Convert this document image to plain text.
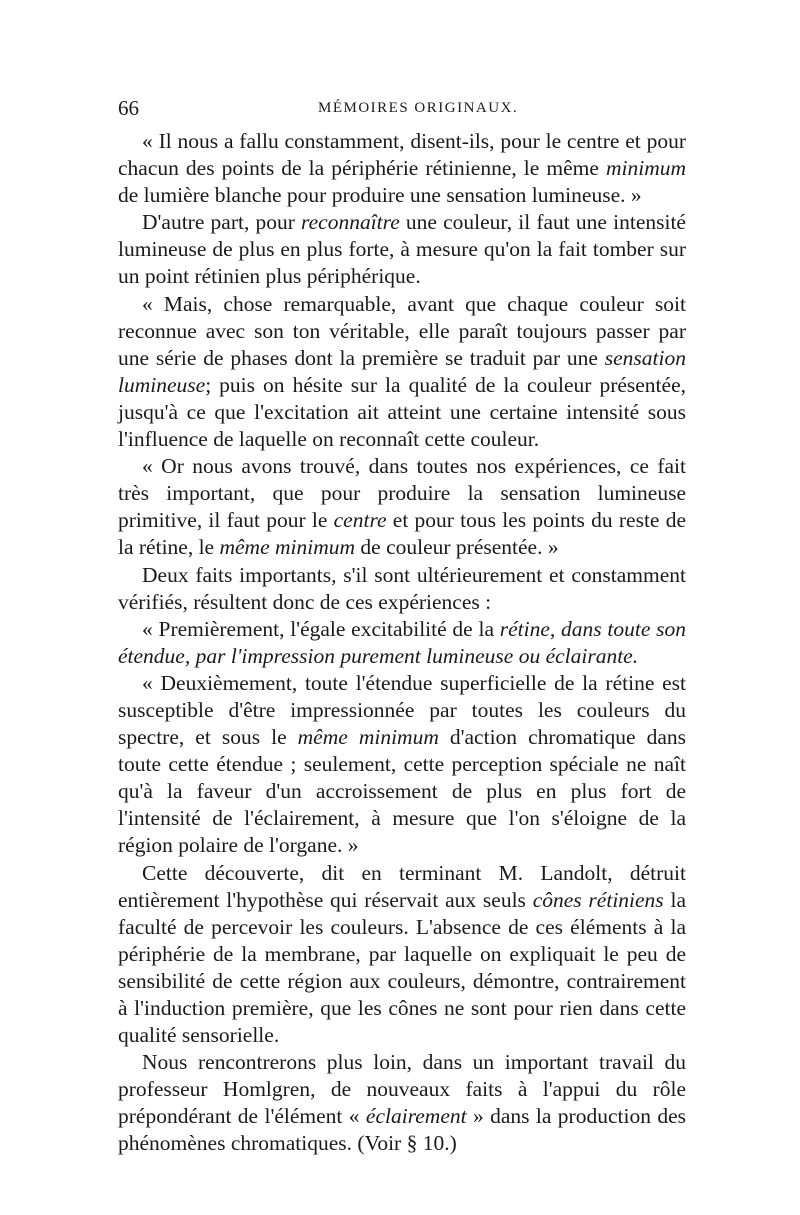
66	MÉMOIRES ORIGINAUX.

« Il nous a fallu constamment, disent-ils, pour le centre et pour chacun des points de la périphérie rétinienne, le même minimum de lumière blanche pour produire une sensation lumineuse. »

D'autre part, pour reconnaître une couleur, il faut une intensité lumineuse de plus en plus forte, à mesure qu'on la fait tomber sur un point rétinien plus périphérique.

« Mais, chose remarquable, avant que chaque couleur soit reconnue avec son ton véritable, elle paraît toujours passer par une série de phases dont la première se traduit par une sensation lumineuse; puis on hésite sur la qualité de la couleur présentée, jusqu'à ce que l'excitation ait atteint une certaine intensité sous l'influence de laquelle on reconnaît cette couleur.

« Or nous avons trouvé, dans toutes nos expériences, ce fait très important, que pour produire la sensation lumineuse primitive, il faut pour le centre et pour tous les points du reste de la rétine, le même minimum de couleur présentée. »

Deux faits importants, s'il sont ultérieurement et constamment vérifiés, résultent donc de ces expériences :

« Premièrement, l'égale excitabilité de la rétine, dans toute son étendue, par l'impression purement lumineuse ou éclairante.

« Deuxièmement, toute l'étendue superficielle de la rétine est susceptible d'être impressionnée par toutes les couleurs du spectre, et sous le même minimum d'action chromatique dans toute cette étendue ; seulement, cette perception spéciale ne naît qu'à la faveur d'un accroissement de plus en plus fort de l'intensité de l'éclairement, à mesure que l'on s'éloigne de la région polaire de l'organe. »

Cette découverte, dit en terminant M. Landolt, détruit entièrement l'hypothèse qui réservait aux seuls cônes rétiniens la faculté de percevoir les couleurs. L'absence de ces éléments à la périphérie de la membrane, par laquelle on expliquait le peu de sensibilité de cette région aux couleurs, démontre, contrairement à l'induction première, que les cônes ne sont pour rien dans cette qualité sensorielle.

Nous rencontrerons plus loin, dans un important travail du professeur Homlgren, de nouveaux faits à l'appui du rôle prépondérant de l'élément « éclairement » dans la production des phénomènes chromatiques. (Voir § 10.)
